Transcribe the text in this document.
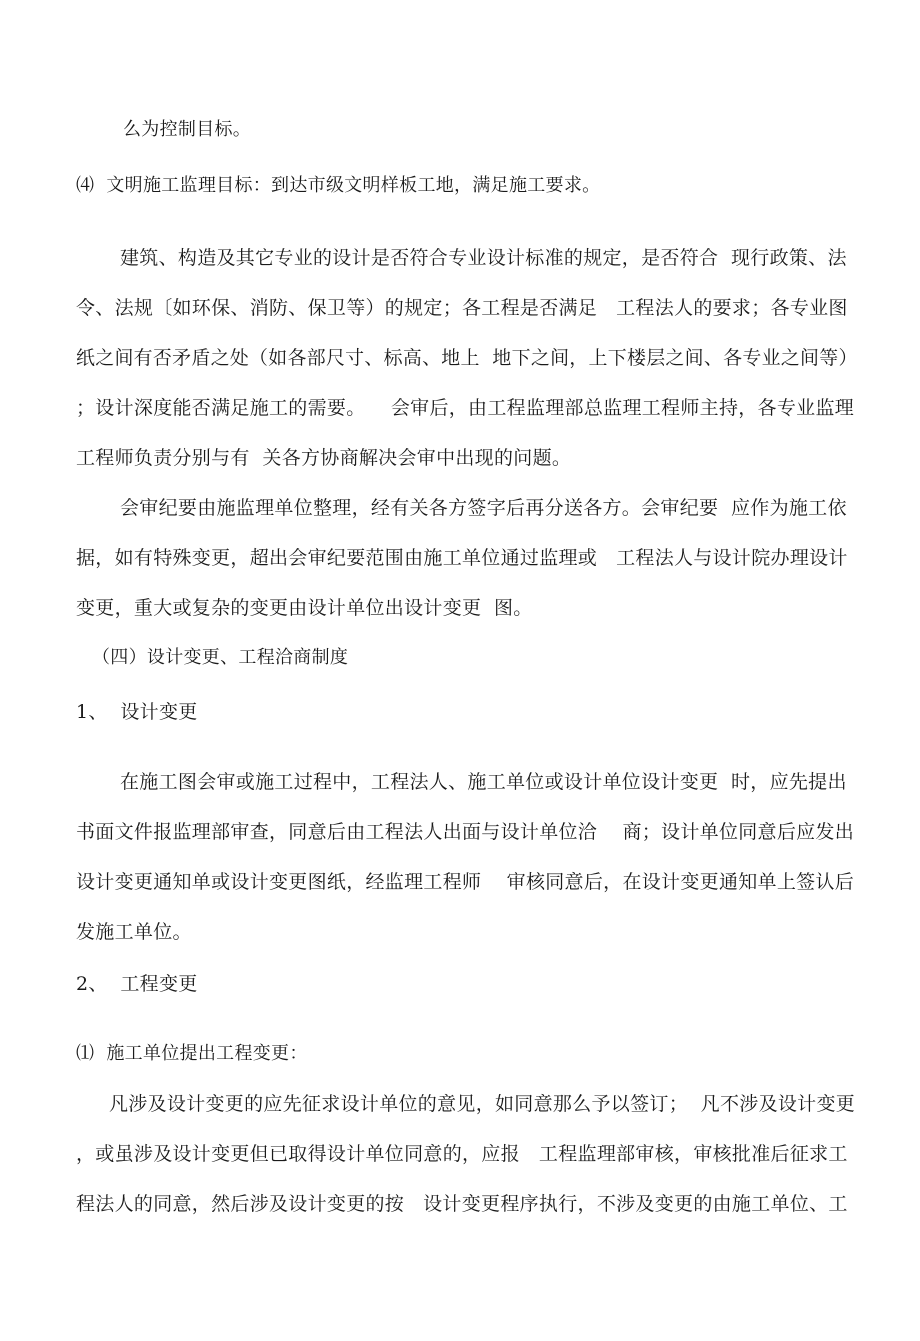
么为控制目标。
⑷  文明施工监理目标：到达市级文明样板工地，满足施工要求。
建筑、构造及其它专业的设计是否符合专业设计标准的规定，是否符合  现行政策、法
令、法规〔如环保、消防、保卫等）的规定；各工程是否满足   工程法人的要求；各专业图
纸之间有否矛盾之处（如各部尺寸、标高、地上  地下之间，上下楼层之间、各专业之间等）
；设计深度能否满足施工的需要。    会审后，由工程监理部总监理工程师主持，各专业监理
工程师负责分别与有  关各方协商解决会审中出现的问题。
会审纪要由施监理单位整理，经有关各方签字后再分送各方。会审纪要  应作为施工依
据，如有特殊变更，超出会审纪要范围由施工单位通过监理或   工程法人与设计院办理设计
变更，重大或复杂的变更由设计单位出设计变更  图。
（四）设计变更、工程洽商制度
1、  设计变更
在施工图会审或施工过程中，工程法人、施工单位或设计单位设计变更  时，应先提出
书面文件报监理部审查，同意后由工程法人出面与设计单位洽    商；设计单位同意后应发出
设计变更通知单或设计变更图纸，经监理工程师    审核同意后，在设计变更通知单上签认后
发施工单位。
2、  工程变更
⑴  施工单位提出工程变更：
凡涉及设计变更的应先征求设计单位的意见，如同意那么予以签订；  凡不涉及设计变更
，或虽涉及设计变更但已取得设计单位同意的，应报   工程监理部审核，审核批准后征求工
程法人的同意，然后涉及设计变更的按   设计变更程序执行，不涉及变更的由施工单位、工
